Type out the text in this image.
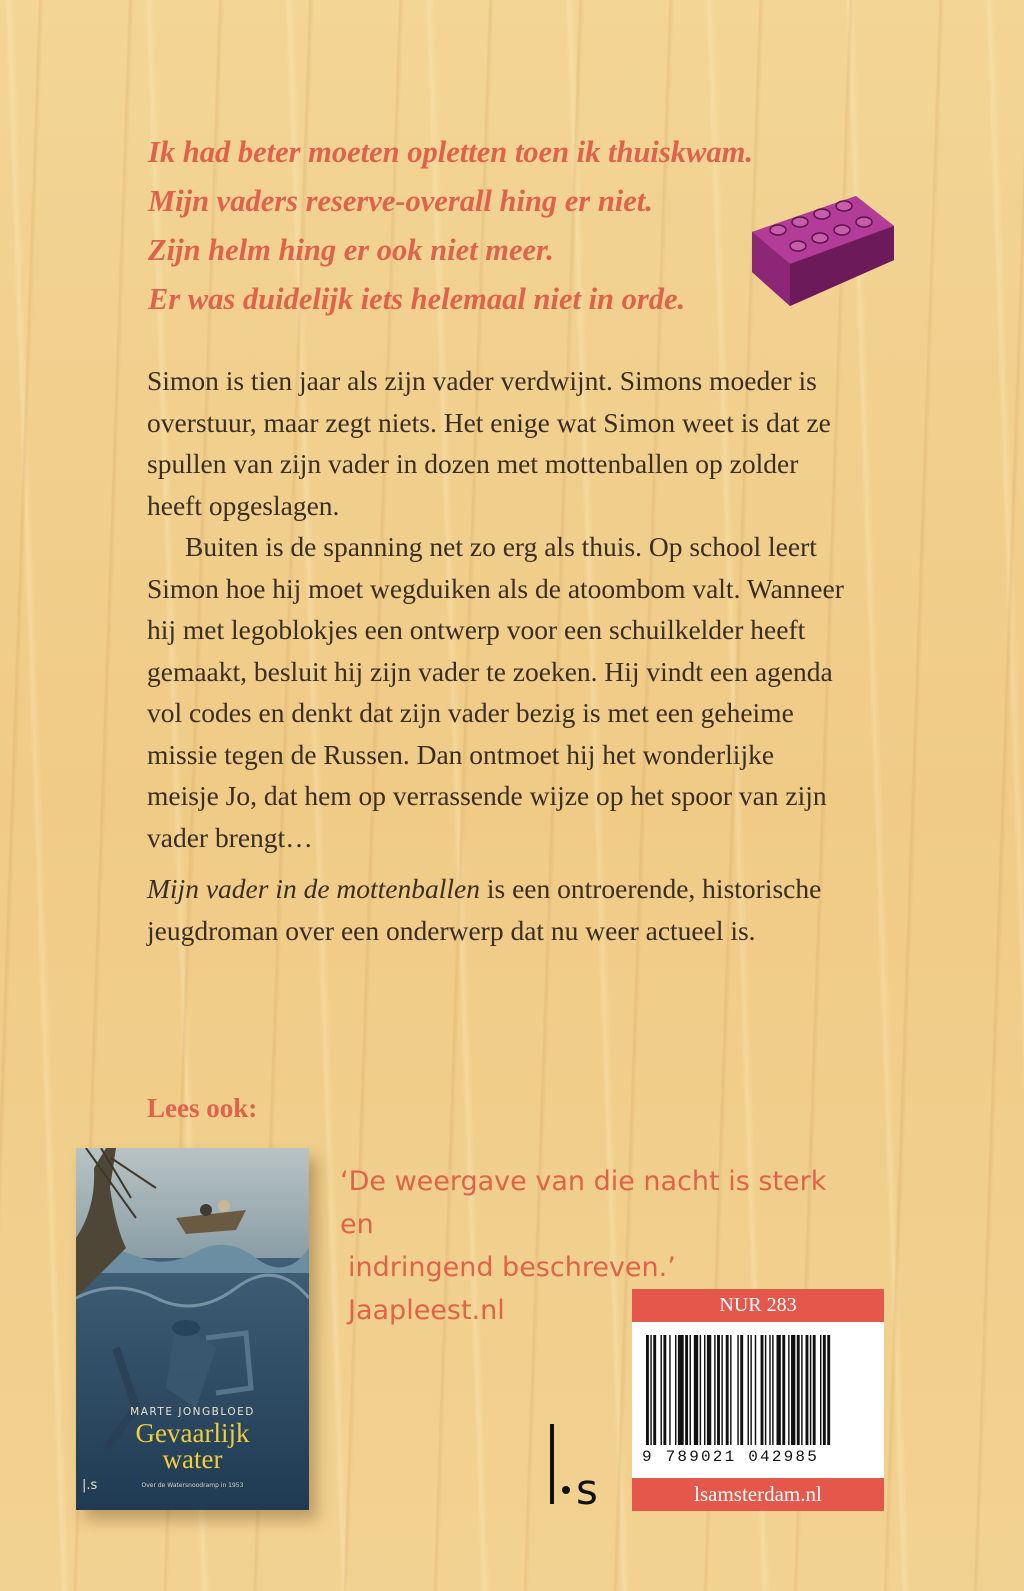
Ik had beter moeten opletten toen ik thuiskwam.

Mijn vaders reserve-overall hing er niet.

Zijn helm hing er ook niet meer.

Er was duidelijk iets helemaal niet in orde.

Simon is tien jaar als zijn vader verdwijnt. Simons moeder is overstuur, maar zegt niets. Het enige wat Simon weet is dat ze spullen van zijn vader in dozen met mottenballen op zolder heeft opgeslagen.

Buiten is de spanning net zo erg als thuis. Op school leert Simon hoe hij moet wegduiken als de atoombom valt. Wanneer hij met legoblokjes een ontwerp voor een schuilkelder heeft gemaakt, besluit hij zijn vader te zoeken. Hij vindt een agenda vol codes en denkt dat zijn vader bezig is met een geheime missie tegen de Russen. Dan ontmoet hij het wonderlijke meisje Jo, dat hem op verrassende wijze op het spoor van zijn vader brengt…

Mijn vader in de mottenballen is een ontroerende, historische jeugdroman over een onderwerp dat nu weer actueel is.

Lees ook:
MARTE JONGBLOED
Gevaarlijk
water
Over de Watersnoodramp in 1953
|.s

‘De weergave van die nacht is sterk en

indringend beschreven.’

Jaapleest.nl

s
NUR 283
9 789021 042985
lsamsterdam.nl
